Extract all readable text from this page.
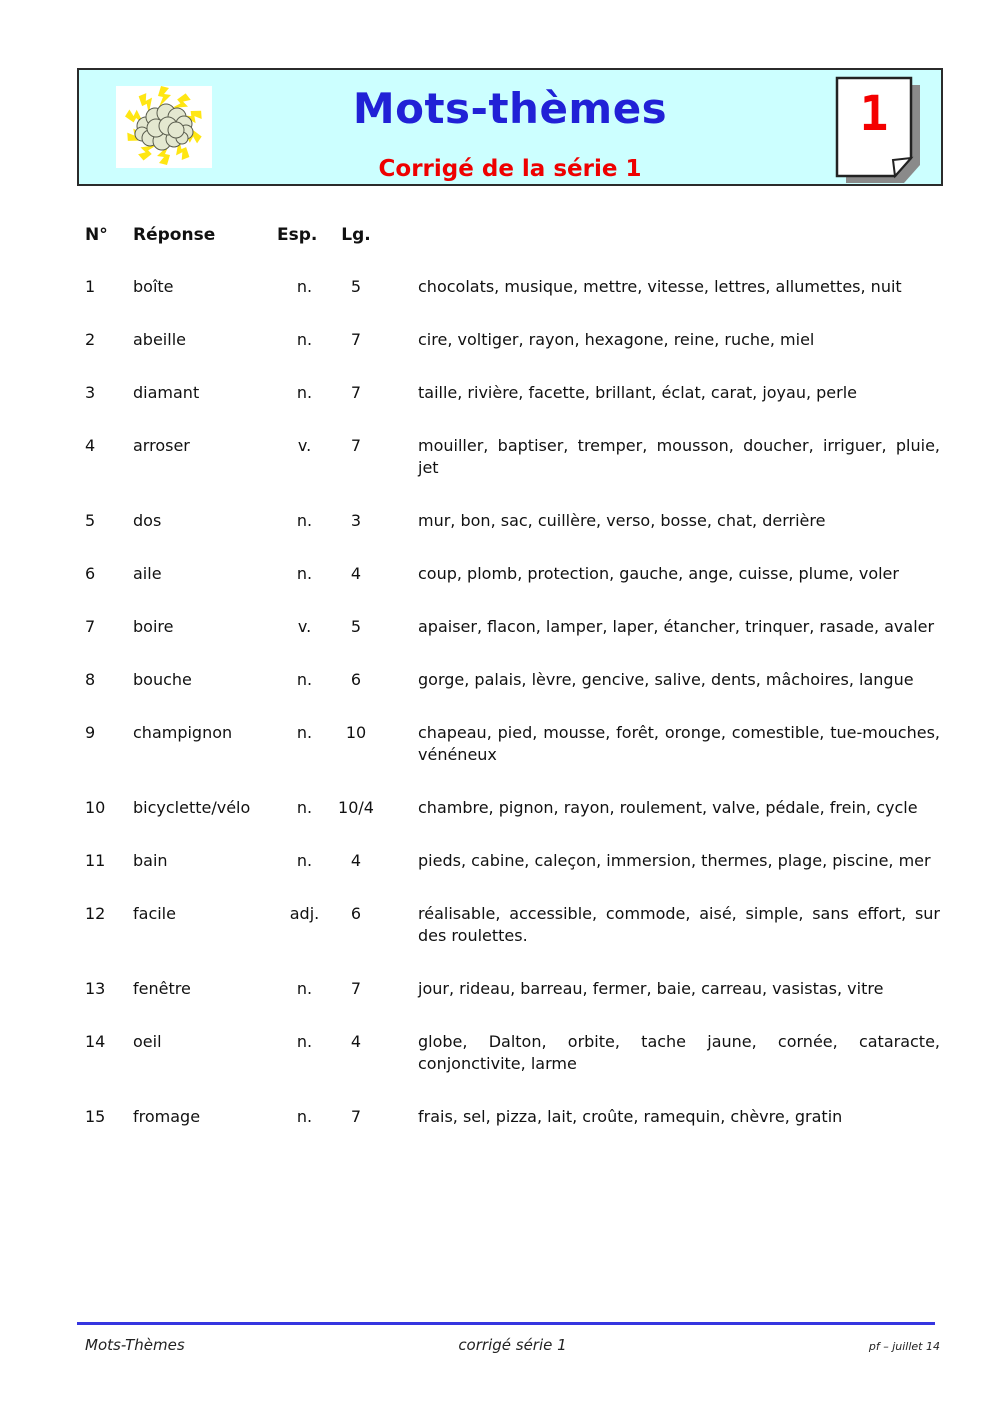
Mots-thèmes
Corrigé de la série 1
1
N°	Réponse	Esp.	Lg.
1	boîte	n.	5	chocolats, musique, mettre, vitesse, lettres, allumettes, nuit
2	abeille	n.	7	cire, voltiger, rayon, hexagone, reine, ruche, miel
3	diamant	n.	7	taille, rivière, facette, brillant, éclat, carat, joyau, perle
4	arroser	v.	7	mouiller, baptiser, tremper, mousson, doucher, irriguer, pluie, jet
5	dos	n.	3	mur, bon, sac, cuillère, verso, bosse, chat, derrière
6	aile	n.	4	coup, plomb, protection, gauche, ange, cuisse, plume, voler
7	boire	v.	5	apaiser, flacon, lamper, laper, étancher, trinquer, rasade, avaler
8	bouche	n.	6	gorge, palais, lèvre, gencive, salive, dents, mâchoires, langue
9	champignon	n.	10	chapeau, pied, mousse, forêt, oronge, comestible, tue-mouches, vénéneux
10	bicyclette/vélo	n.	10/4	chambre, pignon, rayon, roulement, valve, pédale, frein, cycle
11	bain	n.	4	pieds, cabine, caleçon, immersion, thermes, plage, piscine, mer
12	facile	adj.	6	réalisable, accessible, commode, aisé, simple, sans effort, sur des roulettes.
13	fenêtre	n.	7	jour, rideau, barreau, fermer, baie, carreau, vasistas, vitre
14	oeil	n.	4	globe, Dalton, orbite, tache jaune, cornée, cataracte, conjonctivite, larme
15	fromage	n.	7	frais, sel, pizza, lait, croûte, ramequin, chèvre, gratin
Mots-Thèmes	corrigé série 1	pf – juillet 14
